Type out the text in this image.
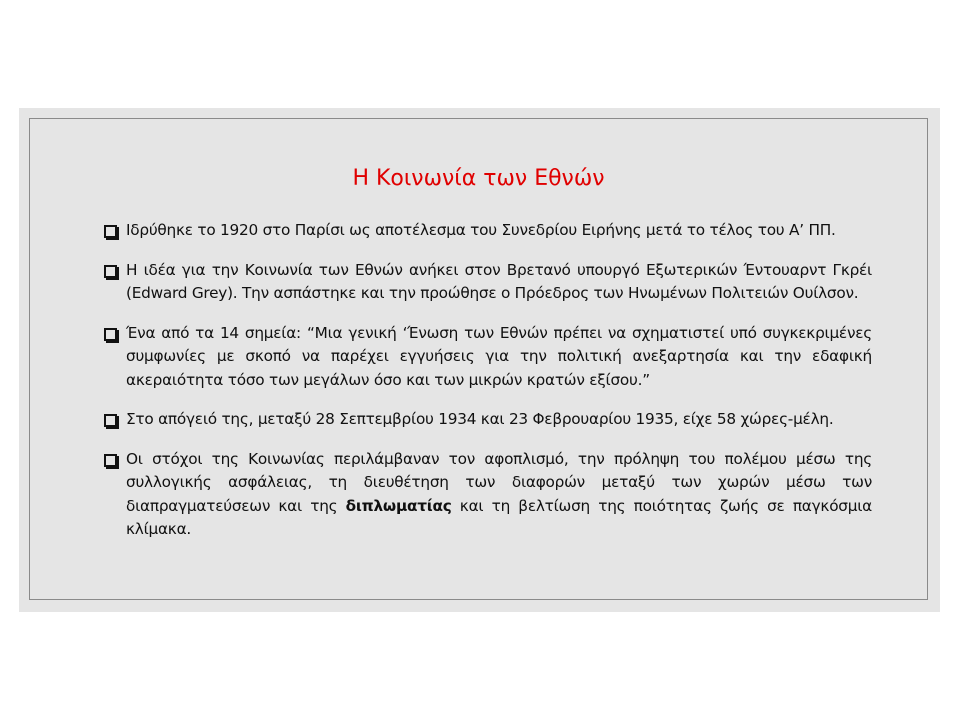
Η Κοινωνία των Εθνών
Ιδρύθηκε το 1920 στο Παρίσι ως αποτέλεσμα του Συνεδρίου Ειρήνης μετά το τέλος του Α’ ΠΠ.
Η ιδέα για την Κοινωνία των Εθνών ανήκει στον Βρετανό υπουργό Εξωτερικών Έντουαρντ Γκρέι (Edward Grey). Την ασπάστηκε και την προώθησε ο Πρόεδρος των Ηνωμένων Πολιτειών Ουίλσον.
Ένα από τα 14 σημεία: “Μια γενική ‘Ένωση των Εθνών πρέπει να σχηματιστεί υπό συγκεκριμένες συμφωνίες με σκοπό να παρέχει εγγυήσεις για την πολιτική ανεξαρτησία και την εδαφική ακεραιότητα τόσο των μεγάλων όσο και των μικρών κρατών εξίσου.”
Στο απόγειό της, μεταξύ 28 Σεπτεμβρίου 1934 και 23 Φεβρουαρίου 1935, είχε 58 χώρες-μέλη.
Οι στόχοι της Κοινωνίας περιλάμβαναν τον αφοπλισμό, την πρόληψη του πολέμου μέσω της συλλογικής ασφάλειας, τη διευθέτηση των διαφορών μεταξύ των χωρών μέσω των διαπραγματεύσεων και της διπλωματίας και τη βελτίωση της ποιότητας ζωής σε παγκόσμια κλίμακα.
